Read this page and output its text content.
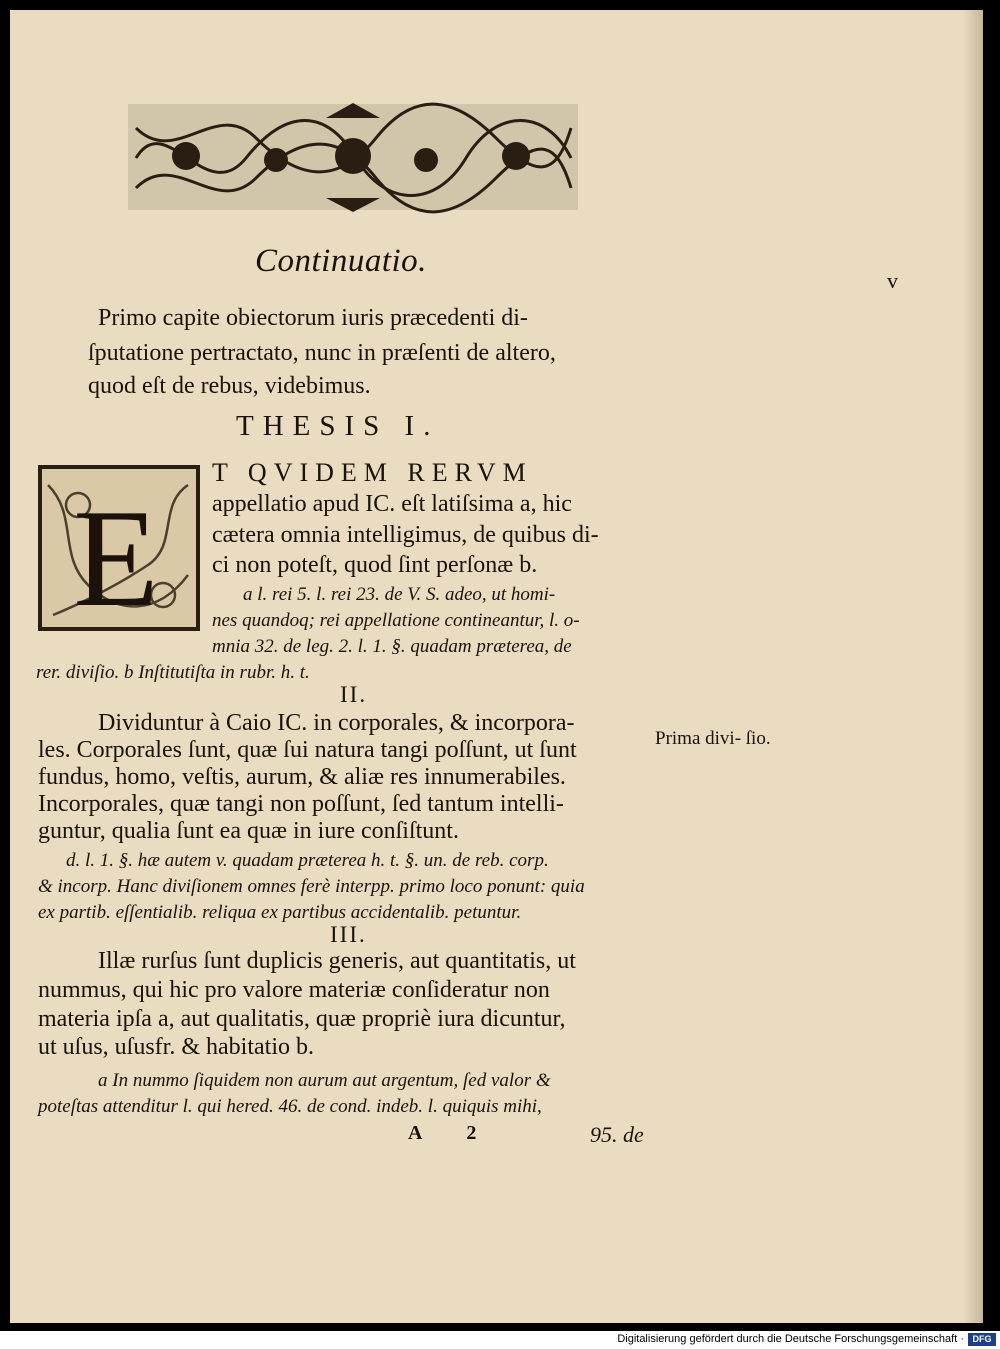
Continuatio.
v
Primo capite obiectorum iuris præcedenti di-
ſputatione pertractato, nunc in præſenti de altero,
quod eſt de rebus, videbimus.
THESIS I.
E
T QVIDEM RERVM
appellatio apud IC. eſt latiſsima a, hic
cætera omnia intelligimus, de quibus di-
ci non poteſt, quod ſint perſonæ b.
a l. rei 5. l. rei 23. de V. S. adeo, ut homi-
nes quandoq; rei appellatione contineantur, l. o-
mnia 32. de leg. 2. l. 1. §. quadam præterea, de
rer. diviſio. b Inſtitutiſta in rubr. h. t.
II.
Dividuntur à Caio IC. in corporales, & incorpora-
les. Corporales ſunt, quæ ſui natura tangi poſſunt, ut ſunt
fundus, homo, veſtis, aurum, & aliæ res innumerabiles.
Incorporales, quæ tangi non poſſunt, ſed tantum intelli-
guntur, qualia ſunt ea quæ in iure conſiſtunt.
Prima divi- ſio.
d. l. 1. §. hæ autem v. quadam præterea h. t. §. un. de reb. corp.
& incorp. Hanc diviſionem omnes ferè interpp. primo loco ponunt: quia
ex partib. eſſentialib. reliqua ex partibus accidentalib. petuntur.
III.
Illæ rurſus ſunt duplicis generis, aut quantitatis, ut
nummus, qui hic pro valore materiæ conſideratur non
materia ipſa a, aut qualitatis, quæ propriè iura dicuntur,
ut uſus, uſusfr. & habitatio b.
a In nummo ſiquidem non aurum aut argentum, ſed valor &
poteſtas attenditur l. qui hered. 46. de cond. indeb. l. quiquis mihi,
A 2	95. de
Digitalisierung gefördert durch die Deutsche Forschungsgemeinschaft · DFG
